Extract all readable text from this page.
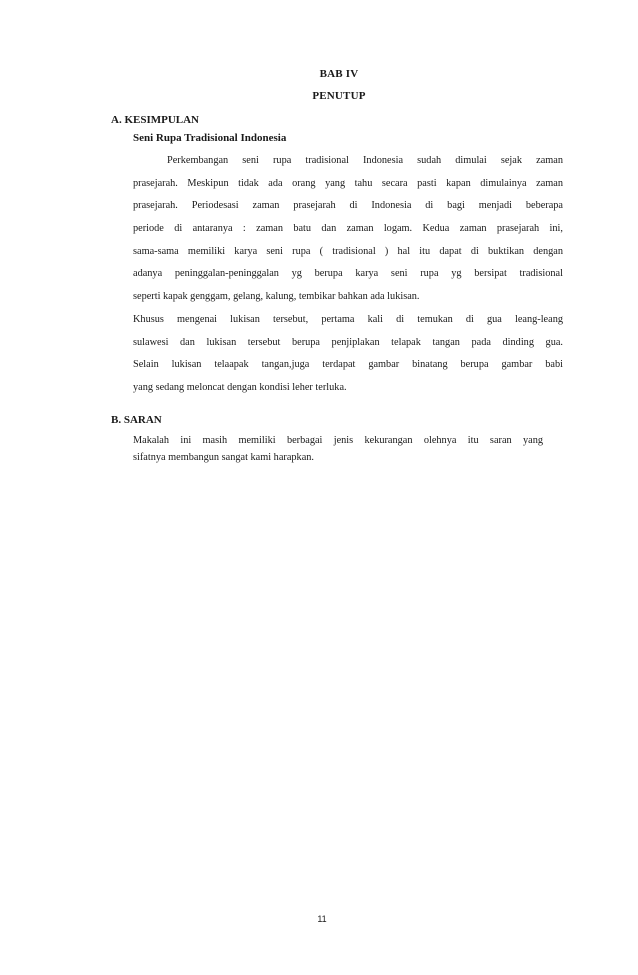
BAB IV
PENUTUP
A. KESIMPULAN
Seni Rupa Tradisional Indonesia
Perkembangan seni rupa tradisional Indonesia sudah dimulai sejak zaman
prasejarah. Meskipun tidak ada orang yang tahu secara pasti kapan dimulainya zaman
prasejarah. Periodesasi zaman prasejarah di Indonesia di bagi menjadi beberapa
periode di antaranya : zaman batu dan zaman logam. Kedua zaman prasejarah ini,
sama-sama memiliki karya seni rupa ( tradisional ) hal itu dapat di buktikan dengan
adanya peninggalan-peninggalan yg berupa karya seni rupa yg bersipat tradisional
seperti kapak genggam, gelang, kalung, tembikar bahkan ada lukisan.
Khusus mengenai lukisan tersebut, pertama kali di temukan di gua leang-leang
sulawesi dan lukisan tersebut berupa penjiplakan telapak tangan pada dinding gua.
Selain lukisan telaapak tangan,juga terdapat gambar binatang berupa gambar babi
yang sedang meloncat dengan kondisi leher terluka.
B. SARAN
Makalah ini masih memiliki berbagai jenis kekurangan olehnya itu saran yang
sifatnya membangun sangat kami harapkan.
11
